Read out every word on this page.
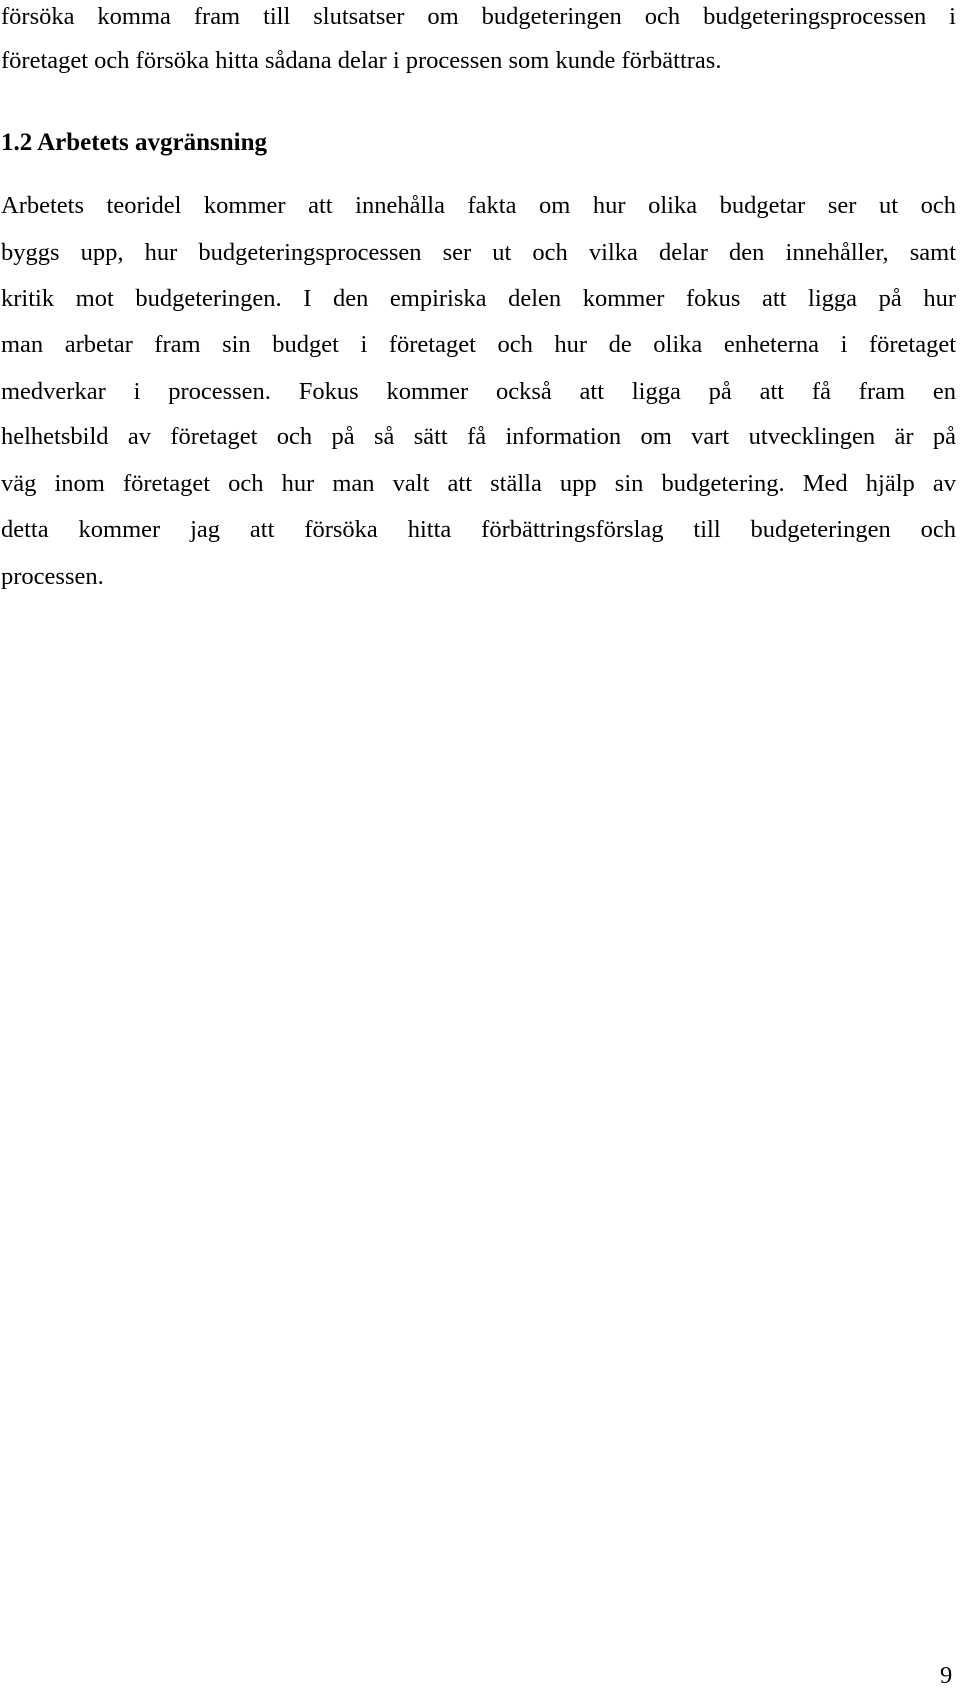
försöka komma fram till slutsatser om budgeteringen och budgeteringsprocessen i
företaget och försöka hitta sådana delar i processen som kunde förbättras.
1.2 Arbetets avgränsning
Arbetets teoridel kommer att innehålla fakta om hur olika budgetar ser ut och
byggs upp, hur budgeteringsprocessen ser ut och vilka delar den innehåller, samt
kritik mot budgeteringen. I den empiriska delen kommer fokus att ligga på hur
man arbetar fram sin budget i företaget och hur de olika enheterna i företaget
medverkar i processen. Fokus kommer också att ligga på att få fram en
helhetsbild av företaget och på så sätt få information om vart utvecklingen är på
väg inom företaget och hur man valt att ställa upp sin budgetering. Med hjälp av
detta kommer jag att försöka hitta förbättringsförslag till budgeteringen och
processen.
9
